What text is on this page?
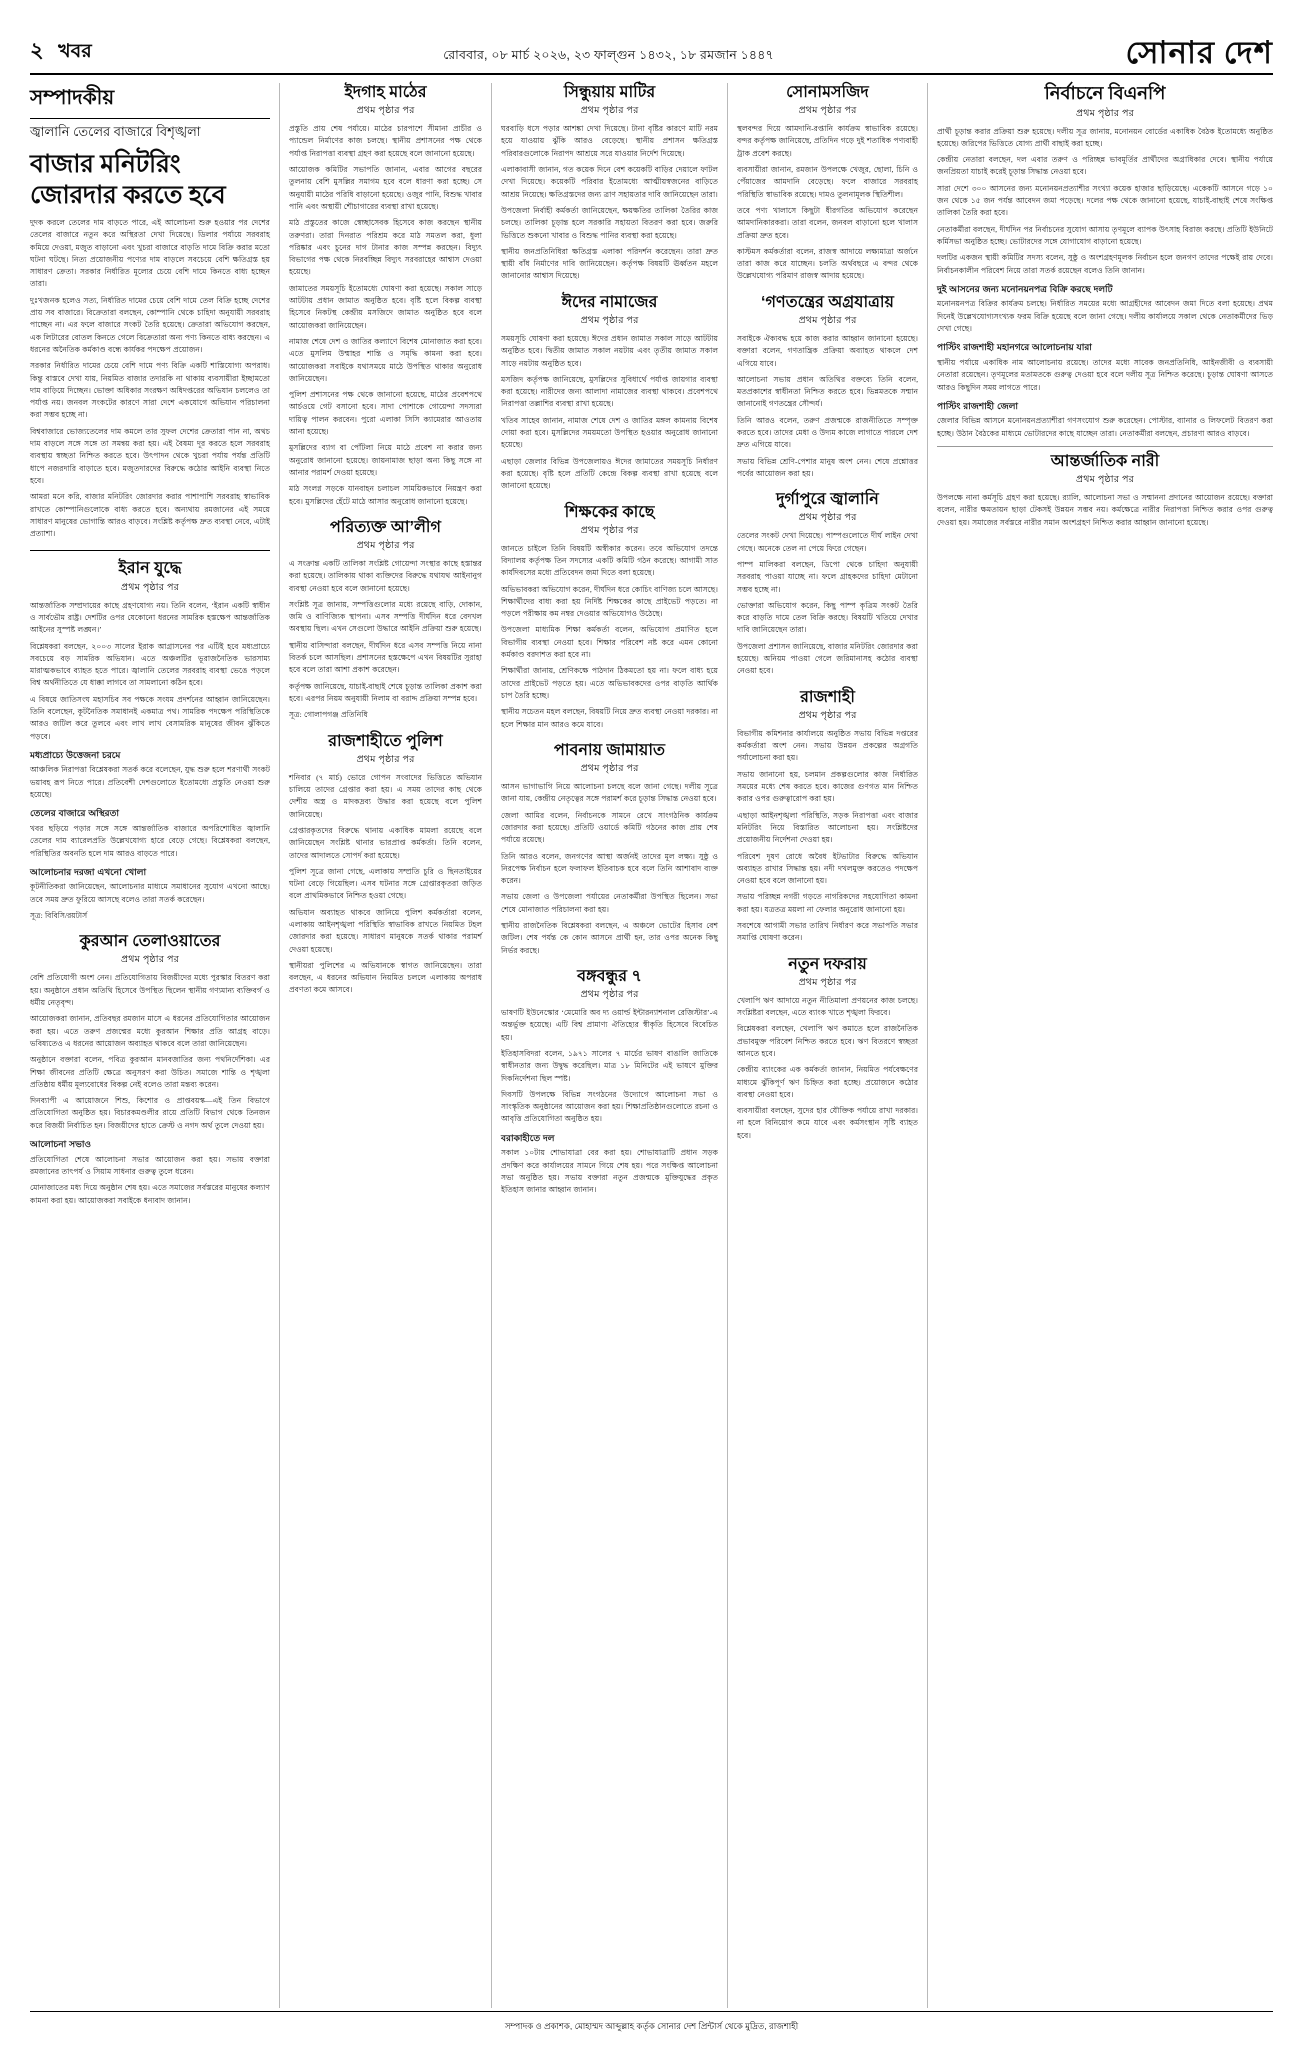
২ খবর	রোববার, ০৮ মার্চ ২০২৬, ২৩ ফাল্গুন ১৪৩২, ১৮ রমজান ১৪৪৭	সোনার দেশ
সম্পাদকীয়
জ্বালানি তেলের বাজারে বিশৃঙ্খলা
বাজার মনিটরিং জোরদার করতে হবে

দুদক করলে তেলের দাম বাড়তে পারে, এই আলোচনা শুরু হওয়ার পর দেশের তেলের বাজারে নতুন করে অস্থিরতা দেখা দিয়েছে। ডিলার পর্যায়ে সরবরাহ কমিয়ে দেওয়া, মজুত বাড়ানো এবং খুচরা বাজারে বাড়তি দামে বিক্রি করার মতো ঘটনা ঘটছে। নিত্য প্রয়োজনীয় পণ্যের দাম বাড়লে সবচেয়ে বেশি ক্ষতিগ্রস্ত হয় সাধারণ ক্রেতা। সরকার নির্ধারিত মূল্যের চেয়ে বেশি দামে কিনতে বাধ্য হচ্ছেন তারা।

দুঃখজনক হলেও সত্য, নির্ধারিত দামের চেয়ে বেশি দামে তেল বিক্রি হচ্ছে দেশের প্রায় সব বাজারে। বিক্রেতারা বলছেন, কোম্পানি থেকে চাহিদা অনুযায়ী সরবরাহ পাচ্ছেন না। এর ফলে বাজারে সংকট তৈরি হয়েছে। ক্রেতারা অভিযোগ করছেন, এক লিটারের বোতল কিনতে গেলে বিক্রেতারা অন্য পণ্য কিনতে বাধ্য করছেন। এ ধরনের অনৈতিক কর্মকাণ্ড বন্ধে কার্যকর পদক্ষেপ প্রয়োজন।

সরকার নির্ধারিত দামের চেয়ে বেশি দামে পণ্য বিক্রি একটি শাস্তিযোগ্য অপরাধ। কিন্তু বাস্তবে দেখা যায়, নিয়মিত বাজার তদারকি না থাকায় ব্যবসায়ীরা ইচ্ছামতো দাম বাড়িয়ে দিচ্ছেন। ভোক্তা অধিকার সংরক্ষণ অধিদপ্তরের অভিযান চললেও তা পর্যাপ্ত নয়। জনবল সংকটের কারণে সারা দেশে একযোগে অভিযান পরিচালনা করা সম্ভব হচ্ছে না।

বিশ্ববাজারে ভোজ্যতেলের দাম কমলে তার সুফল দেশের ক্রেতারা পান না, অথচ দাম বাড়লে সঙ্গে সঙ্গে তা সমন্বয় করা হয়। এই বৈষম্য দূর করতে হলে সরবরাহ ব্যবস্থায় স্বচ্ছতা নিশ্চিত করতে হবে। উৎপাদন থেকে খুচরা পর্যায় পর্যন্ত প্রতিটি ধাপে নজরদারি বাড়াতে হবে। মজুতদারদের বিরুদ্ধে কঠোর আইনি ব্যবস্থা নিতে হবে।

আমরা মনে করি, বাজার মনিটরিং জোরদার করার পাশাপাশি সরবরাহ স্বাভাবিক রাখতে কোম্পানিগুলোকে বাধ্য করতে হবে। অন্যথায় রমজানের এই সময়ে সাধারণ মানুষের ভোগান্তি আরও বাড়বে। সংশ্লিষ্ট কর্তৃপক্ষ দ্রুত ব্যবস্থা নেবে, এটাই প্রত্যাশা।

ইরান যুদ্ধে
প্রথম পৃষ্ঠার পর

আন্তর্জাতিক সম্প্রদায়ের কাছে গ্রহণযোগ্য নয়। তিনি বলেন, ‘ইরান একটি স্বাধীন ও সার্বভৌম রাষ্ট্র। দেশটির ওপর যেকোনো ধরনের সামরিক হস্তক্ষেপ আন্তর্জাতিক আইনের সুস্পষ্ট লঙ্ঘন।’

বিশ্লেষকরা বলছেন, ২০০৩ সালের ইরাক আগ্রাসনের পর এটিই হবে মধ্যপ্রাচ্যে সবচেয়ে বড় সামরিক অভিযান। এতে অঞ্চলটির ভূরাজনৈতিক ভারসাম্য মারাত্মকভাবে ব্যাহত হতে পারে। জ্বালানি তেলের সরবরাহ ব্যবস্থা ভেঙে পড়লে বিশ্ব অর্থনীতিতে যে ধাক্কা লাগবে তা সামলানো কঠিন হবে।

এ বিষয়ে জাতিসংঘ মহাসচিব সব পক্ষকে সংযম প্রদর্শনের আহ্বান জানিয়েছেন। তিনি বলেছেন, কূটনৈতিক সমাধানই একমাত্র পথ। সামরিক পদক্ষেপ পরিস্থিতিকে আরও জটিল করে তুলবে এবং লাখ লাখ বেসামরিক মানুষের জীবন ঝুঁকিতে পড়বে।

মধ্যপ্রাচ্যে উত্তেজনা চরমে

আঞ্চলিক নিরাপত্তা বিশ্লেষকরা সতর্ক করে বলেছেন, যুদ্ধ শুরু হলে শরণার্থী সংকট ভয়াবহ রূপ নিতে পারে। প্রতিবেশী দেশগুলোতে ইতোমধ্যে প্রস্তুতি নেওয়া শুরু হয়েছে।

তেলের বাজারে অস্থিরতা

খবর ছড়িয়ে পড়ার সঙ্গে সঙ্গে আন্তর্জাতিক বাজারে অপরিশোধিত জ্বালানি তেলের দাম ব্যারেলপ্রতি উল্লেখযোগ্য হারে বেড়ে গেছে। বিশ্লেষকরা বলছেন, পরিস্থিতির অবনতি হলে দাম আরও বাড়তে পারে।

আলোচনার দরজা এখনো খোলা

কূটনীতিকরা জানিয়েছেন, আলোচনার মাধ্যমে সমাধানের সুযোগ এখনো আছে। তবে সময় দ্রুত ফুরিয়ে আসছে বলেও তারা সতর্ক করেছেন।

সূত্র: বিবিসি/রয়টার্স

কুরআন তেলাওয়াতের
প্রথম পৃষ্ঠার পর

বেশি প্রতিযোগী অংশ নেন। প্রতিযোগিতায় বিজয়ীদের মধ্যে পুরস্কার বিতরণ করা হয়। অনুষ্ঠানে প্রধান অতিথি হিসেবে উপস্থিত ছিলেন স্থানীয় গণ্যমান্য ব্যক্তিবর্গ ও ধর্মীয় নেতৃবৃন্দ।

আয়োজকরা জানান, প্রতিবছর রমজান মাসে এ ধরনের প্রতিযোগিতার আয়োজন করা হয়। এতে তরুণ প্রজন্মের মধ্যে কুরআন শিক্ষার প্রতি আগ্রহ বাড়ে। ভবিষ্যতেও এ ধরনের আয়োজন অব্যাহত থাকবে বলে তারা জানিয়েছেন।

অনুষ্ঠানে বক্তারা বলেন, পবিত্র কুরআন মানবজাতির জন্য পথনির্দেশিকা। এর শিক্ষা জীবনের প্রতিটি ক্ষেত্রে অনুসরণ করা উচিত। সমাজে শান্তি ও শৃঙ্খলা প্রতিষ্ঠায় ধর্মীয় মূল্যবোধের বিকল্প নেই বলেও তারা মন্তব্য করেন।

দিনব্যাপী এ আয়োজনে শিশু, কিশোর ও প্রাপ্তবয়স্ক—এই তিন বিভাগে প্রতিযোগিতা অনুষ্ঠিত হয়। বিচারকমণ্ডলীর রায়ে প্রতিটি বিভাগ থেকে তিনজন করে বিজয়ী নির্বাচিত হন। বিজয়ীদের হাতে ক্রেস্ট ও নগদ অর্থ তুলে দেওয়া হয়।

আলোচনা সভাও

প্রতিযোগিতা শেষে আলোচনা সভার আয়োজন করা হয়। সভায় বক্তারা রমজানের তাৎপর্য ও সিয়াম সাধনার গুরুত্ব তুলে ধরেন।

মোনাজাতের মধ্য দিয়ে অনুষ্ঠান শেষ হয়। এতে সমাজের সর্বস্তরের মানুষের কল্যাণ কামনা করা হয়। আয়োজকরা সবাইকে ধন্যবাদ জানান।

ইদগাহ মাঠের
প্রথম পৃষ্ঠার পর

প্রস্তুতি প্রায় শেষ পর্যায়ে। মাঠের চারপাশে সীমানা প্রাচীর ও প্যান্ডেল নির্মাণের কাজ চলছে। স্থানীয় প্রশাসনের পক্ষ থেকে পর্যাপ্ত নিরাপত্তা ব্যবস্থা গ্রহণ করা হয়েছে বলে জানানো হয়েছে।

আয়োজক কমিটির সভাপতি জানান, এবার আগের বছরের তুলনায় বেশি মুসল্লির সমাগম হবে বলে ধারণা করা হচ্ছে। সে অনুযায়ী মাঠের পরিধি বাড়ানো হয়েছে। ওজুর পানি, বিশুদ্ধ খাবার পানি এবং অস্থায়ী শৌচাগারের ব্যবস্থা রাখা হয়েছে।

মাঠ প্রস্তুতের কাজে স্বেচ্ছাসেবক হিসেবে কাজ করছেন স্থানীয় তরুণরা। তারা দিনরাত পরিশ্রম করে মাঠ সমতল করা, ধুলা পরিষ্কার এবং চুনের দাগ টানার কাজ সম্পন্ন করছেন। বিদ্যুৎ বিভাগের পক্ষ থেকে নিরবচ্ছিন্ন বিদ্যুৎ সরবরাহের আশ্বাস দেওয়া হয়েছে।

জামাতের সময়সূচি ইতোমধ্যে ঘোষণা করা হয়েছে। সকাল সাড়ে আটটায় প্রধান জামাত অনুষ্ঠিত হবে। বৃষ্টি হলে বিকল্প ব্যবস্থা হিসেবে নিকটস্থ কেন্দ্রীয় মসজিদে জামাত অনুষ্ঠিত হবে বলে আয়োজকরা জানিয়েছেন।

নামাজ শেষে দেশ ও জাতির কল্যাণে বিশেষ মোনাজাত করা হবে। এতে মুসলিম উম্মাহর শান্তি ও সমৃদ্ধি কামনা করা হবে। আয়োজকরা সবাইকে যথাসময়ে মাঠে উপস্থিত থাকার অনুরোধ জানিয়েছেন।

পুলিশ প্রশাসনের পক্ষ থেকে জানানো হয়েছে, মাঠের প্রবেশপথে আর্চওয়ে গেট বসানো হবে। সাদা পোশাকে গোয়েন্দা সদস্যরা দায়িত্ব পালন করবেন। পুরো এলাকা সিসি ক্যামেরার আওতায় আনা হয়েছে।

মুসল্লিদের ব্যাগ বা পোঁটলা নিয়ে মাঠে প্রবেশ না করার জন্য অনুরোধ জানানো হয়েছে। জায়নামাজ ছাড়া অন্য কিছু সঙ্গে না আনার পরামর্শ দেওয়া হয়েছে।

মাঠ সংলগ্ন সড়কে যানবাহন চলাচল সাময়িকভাবে নিয়ন্ত্রণ করা হবে। মুসল্লিদের হেঁটে মাঠে আসার অনুরোধ জানানো হয়েছে।

পরিত্যক্ত আ’লীগ
প্রথম পৃষ্ঠার পর

এ সংক্রান্ত একটি তালিকা সংশ্লিষ্ট গোয়েন্দা সংস্থার কাছে হস্তান্তর করা হয়েছে। তালিকায় থাকা ব্যক্তিদের বিরুদ্ধে যথাযথ আইনানুগ ব্যবস্থা নেওয়া হবে বলে জানানো হয়েছে।

সংশ্লিষ্ট সূত্র জানায়, সম্পত্তিগুলোর মধ্যে রয়েছে বাড়ি, দোকান, জমি ও বাণিজ্যিক স্থাপনা। এসব সম্পত্তি দীর্ঘদিন ধরে বেদখল অবস্থায় ছিল। এখন সেগুলো উদ্ধারে আইনি প্রক্রিয়া শুরু হয়েছে।

স্থানীয় বাসিন্দারা বলছেন, দীর্ঘদিন ধরে এসব সম্পত্তি নিয়ে নানা বিতর্ক চলে আসছিল। প্রশাসনের হস্তক্ষেপে এখন বিষয়টির সুরাহা হবে বলে তারা আশা প্রকাশ করেছেন।

কর্তৃপক্ষ জানিয়েছে, যাচাই-বাছাই শেষে চূড়ান্ত তালিকা প্রকাশ করা হবে। এরপর নিয়ম অনুযায়ী নিলাম বা বরাদ্দ প্রক্রিয়া সম্পন্ন হবে।

সূত্র: গোলাপগঞ্জ প্রতিনিধি

রাজশাহীতে পুলিশ
প্রথম পৃষ্ঠার পর

শনিবার (৭ মার্চ) ভোরে গোপন সংবাদের ভিত্তিতে অভিযান চালিয়ে তাদের গ্রেপ্তার করা হয়। এ সময় তাদের কাছ থেকে দেশীয় অস্ত্র ও মাদকদ্রব্য উদ্ধার করা হয়েছে বলে পুলিশ জানিয়েছে।

গ্রেপ্তারকৃতদের বিরুদ্ধে থানায় একাধিক মামলা রয়েছে বলে জানিয়েছেন সংশ্লিষ্ট থানার ভারপ্রাপ্ত কর্মকর্তা। তিনি বলেন, তাদের আদালতে সোপর্দ করা হয়েছে।

পুলিশ সূত্রে জানা গেছে, এলাকায় সম্প্রতি চুরি ও ছিনতাইয়ের ঘটনা বেড়ে গিয়েছিল। এসব ঘটনার সঙ্গে গ্রেপ্তারকৃতরা জড়িত বলে প্রাথমিকভাবে নিশ্চিত হওয়া গেছে।

অভিযান অব্যাহত থাকবে জানিয়ে পুলিশ কর্মকর্তারা বলেন, এলাকায় আইনশৃঙ্খলা পরিস্থিতি স্বাভাবিক রাখতে নিয়মিত টহল জোরদার করা হয়েছে। সাধারণ মানুষকে সতর্ক থাকার পরামর্শ দেওয়া হয়েছে।

স্থানীয়রা পুলিশের এ অভিযানকে স্বাগত জানিয়েছেন। তারা বলছেন, এ ধরনের অভিযান নিয়মিত চললে এলাকায় অপরাধ প্রবণতা কমে আসবে।

সিন্ধুয়ায় মাটির
প্রথম পৃষ্ঠার পর

ঘরবাড়ি ধসে পড়ার আশঙ্কা দেখা দিয়েছে। টানা বৃষ্টির কারণে মাটি নরম হয়ে যাওয়ায় ঝুঁকি আরও বেড়েছে। স্থানীয় প্রশাসন ক্ষতিগ্রস্ত পরিবারগুলোকে নিরাপদ আশ্রয়ে সরে যাওয়ার নির্দেশ দিয়েছে।

এলাকাবাসী জানান, গত কয়েক দিনে বেশ কয়েকটি বাড়ির দেয়ালে ফাটল দেখা দিয়েছে। কয়েকটি পরিবার ইতোমধ্যে আত্মীয়স্বজনের বাড়িতে আশ্রয় নিয়েছে। ক্ষতিগ্রস্তদের জন্য ত্রাণ সহায়তার দাবি জানিয়েছেন তারা।

উপজেলা নির্বাহী কর্মকর্তা জানিয়েছেন, ক্ষয়ক্ষতির তালিকা তৈরির কাজ চলছে। তালিকা চূড়ান্ত হলে সরকারি সহায়তা বিতরণ করা হবে। জরুরি ভিত্তিতে শুকনো খাবার ও বিশুদ্ধ পানির ব্যবস্থা করা হয়েছে।

স্থানীয় জনপ্রতিনিধিরা ক্ষতিগ্রস্ত এলাকা পরিদর্শন করেছেন। তারা দ্রুত স্থায়ী বাঁধ নির্মাণের দাবি জানিয়েছেন। কর্তৃপক্ষ বিষয়টি ঊর্ধ্বতন মহলে জানানোর আশ্বাস দিয়েছে।

ঈদের নামাজের
প্রথম পৃষ্ঠার পর

সময়সূচি ঘোষণা করা হয়েছে। ঈদের প্রধান জামাত সকাল সাড়ে আটটায় অনুষ্ঠিত হবে। দ্বিতীয় জামাত সকাল নয়টায় এবং তৃতীয় জামাত সকাল সাড়ে নয়টায় অনুষ্ঠিত হবে।

মসজিদ কর্তৃপক্ষ জানিয়েছে, মুসল্লিদের সুবিধার্থে পর্যাপ্ত জায়গার ব্যবস্থা করা হয়েছে। নারীদের জন্য আলাদা নামাজের ব্যবস্থা থাকবে। প্রবেশপথে নিরাপত্তা তল্লাশির ব্যবস্থা রাখা হয়েছে।

খতিব সাহেব জানান, নামাজ শেষে দেশ ও জাতির মঙ্গল কামনায় বিশেষ দোয়া করা হবে। মুসল্লিদের সময়মতো উপস্থিত হওয়ার অনুরোধ জানানো হয়েছে।

এছাড়া জেলার বিভিন্ন উপজেলায়ও ঈদের জামাতের সময়সূচি নির্ধারণ করা হয়েছে। বৃষ্টি হলে প্রতিটি কেন্দ্রে বিকল্প ব্যবস্থা রাখা হয়েছে বলে জানানো হয়েছে।

শিক্ষকের কাছে
প্রথম পৃষ্ঠার পর

জানতে চাইলে তিনি বিষয়টি অস্বীকার করেন। তবে অভিযোগ তদন্তে বিদ্যালয় কর্তৃপক্ষ তিন সদস্যের একটি কমিটি গঠন করেছে। আগামী সাত কার্যদিবসের মধ্যে প্রতিবেদন জমা দিতে বলা হয়েছে।

অভিভাবকরা অভিযোগ করেন, দীর্ঘদিন ধরে কোচিং বাণিজ্য চলে আসছে। শিক্ষার্থীদের বাধ্য করা হয় নির্দিষ্ট শিক্ষকের কাছে প্রাইভেট পড়তে। না পড়লে পরীক্ষায় কম নম্বর দেওয়ার অভিযোগও উঠেছে।

উপজেলা মাধ্যমিক শিক্ষা কর্মকর্তা বলেন, অভিযোগ প্রমাণিত হলে বিভাগীয় ব্যবস্থা নেওয়া হবে। শিক্ষার পরিবেশ নষ্ট করে এমন কোনো কর্মকাণ্ড বরদাশত করা হবে না।

শিক্ষার্থীরা জানায়, শ্রেণিকক্ষে পাঠদান ঠিকমতো হয় না। ফলে বাধ্য হয়ে তাদের প্রাইভেট পড়তে হয়। এতে অভিভাবকদের ওপর বাড়তি আর্থিক চাপ তৈরি হচ্ছে।

স্থানীয় সচেতন মহল বলছেন, বিষয়টি নিয়ে দ্রুত ব্যবস্থা নেওয়া দরকার। না হলে শিক্ষার মান আরও কমে যাবে।

পাবনায় জামায়াত
প্রথম পৃষ্ঠার পর

আসন ভাগাভাগি নিয়ে আলোচনা চলছে বলে জানা গেছে। দলীয় সূত্রে জানা যায়, কেন্দ্রীয় নেতৃত্বের সঙ্গে পরামর্শ করে চূড়ান্ত সিদ্ধান্ত নেওয়া হবে।

জেলা আমির বলেন, নির্বাচনকে সামনে রেখে সাংগঠনিক কার্যক্রম জোরদার করা হয়েছে। প্রতিটি ওয়ার্ডে কমিটি গঠনের কাজ প্রায় শেষ পর্যায়ে রয়েছে।

তিনি আরও বলেন, জনগণের আস্থা অর্জনই তাদের মূল লক্ষ্য। সুষ্ঠু ও নিরপেক্ষ নির্বাচন হলে ফলাফল ইতিবাচক হবে বলে তিনি আশাবাদ ব্যক্ত করেন।

সভায় জেলা ও উপজেলা পর্যায়ের নেতাকর্মীরা উপস্থিত ছিলেন। সভা শেষে মোনাজাত পরিচালনা করা হয়।

স্থানীয় রাজনৈতিক বিশ্লেষকরা বলছেন, এ অঞ্চলে ভোটের হিসাব বেশ জটিল। শেষ পর্যন্ত কে কোন আসনে প্রার্থী হন, তার ওপর অনেক কিছু নির্ভর করছে।

বঙ্গবন্ধুর ৭
প্রথম পৃষ্ঠার পর

ভাষণটি ইউনেস্কোর ‘মেমোরি অব দ্য ওয়ার্ল্ড ইন্টারন্যাশনাল রেজিস্টার’-এ অন্তর্ভুক্ত হয়েছে। এটি বিশ্ব প্রামাণ্য ঐতিহ্যের স্বীকৃতি হিসেবে বিবেচিত হয়।

ইতিহাসবিদরা বলেন, ১৯৭১ সালের ৭ মার্চের ভাষণ বাঙালি জাতিকে স্বাধীনতার জন্য উদ্বুদ্ধ করেছিল। মাত্র ১৮ মিনিটের এই ভাষণে মুক্তির দিকনির্দেশনা ছিল স্পষ্ট।

দিবসটি উপলক্ষে বিভিন্ন সংগঠনের উদ্যোগে আলোচনা সভা ও সাংস্কৃতিক অনুষ্ঠানের আয়োজন করা হয়। শিক্ষাপ্রতিষ্ঠানগুলোতে রচনা ও আবৃত্তি প্রতিযোগিতা অনুষ্ঠিত হয়।

বরাকাহীতে দল

সকাল ১০টায় শোভাযাত্রা বের করা হয়। শোভাযাত্রাটি প্রধান সড়ক প্রদক্ষিণ করে কার্যালয়ের সামনে গিয়ে শেষ হয়। পরে সংক্ষিপ্ত আলোচনা সভা অনুষ্ঠিত হয়। সভায় বক্তারা নতুন প্রজন্মকে মুক্তিযুদ্ধের প্রকৃত ইতিহাস জানার আহ্বান জানান।

সোনামসজিদ
প্রথম পৃষ্ঠার পর

স্থলবন্দর দিয়ে আমদানি-রপ্তানি কার্যক্রম স্বাভাবিক রয়েছে। বন্দর কর্তৃপক্ষ জানিয়েছে, প্রতিদিন গড়ে দুই শতাধিক পণ্যবাহী ট্রাক প্রবেশ করছে।

ব্যবসায়ীরা জানান, রমজান উপলক্ষে খেজুর, ছোলা, চিনি ও পেঁয়াজের আমদানি বেড়েছে। ফলে বাজারে সরবরাহ পরিস্থিতি স্বাভাবিক রয়েছে। দামও তুলনামূলক স্থিতিশীল।

তবে পণ্য খালাসে কিছুটা ধীরগতির অভিযোগ করেছেন আমদানিকারকরা। তারা বলেন, জনবল বাড়ানো হলে খালাস প্রক্রিয়া দ্রুত হবে।

কাস্টমস কর্মকর্তারা বলেন, রাজস্ব আদায়ে লক্ষ্যমাত্রা অর্জনে তারা কাজ করে যাচ্ছেন। চলতি অর্থবছরে এ বন্দর থেকে উল্লেখযোগ্য পরিমাণ রাজস্ব আদায় হয়েছে।

‘গণতন্ত্রের অগ্রযাত্রায়
প্রথম পৃষ্ঠার পর

সবাইকে ঐক্যবদ্ধ হয়ে কাজ করার আহ্বান জানানো হয়েছে। বক্তারা বলেন, গণতান্ত্রিক প্রক্রিয়া অব্যাহত থাকলে দেশ এগিয়ে যাবে।

আলোচনা সভায় প্রধান অতিথির বক্তব্যে তিনি বলেন, মতপ্রকাশের স্বাধীনতা নিশ্চিত করতে হবে। ভিন্নমতকে সম্মান জানানোই গণতন্ত্রের সৌন্দর্য।

তিনি আরও বলেন, তরুণ প্রজন্মকে রাজনীতিতে সম্পৃক্ত করতে হবে। তাদের মেধা ও উদ্যম কাজে লাগাতে পারলে দেশ দ্রুত এগিয়ে যাবে।

সভায় বিভিন্ন শ্রেণি-পেশার মানুষ অংশ নেন। শেষে প্রশ্নোত্তর পর্বের আয়োজন করা হয়।

দুর্গাপুরে জ্বালানি
প্রথম পৃষ্ঠার পর

তেলের সংকট দেখা দিয়েছে। পাম্পগুলোতে দীর্ঘ লাইন দেখা গেছে। অনেকে তেল না পেয়ে ফিরে গেছেন।

পাম্প মালিকরা বলছেন, ডিপো থেকে চাহিদা অনুযায়ী সরবরাহ পাওয়া যাচ্ছে না। ফলে গ্রাহকদের চাহিদা মেটানো সম্ভব হচ্ছে না।

ভোক্তারা অভিযোগ করেন, কিছু পাম্প কৃত্রিম সংকট তৈরি করে বাড়তি দামে তেল বিক্রি করছে। বিষয়টি খতিয়ে দেখার দাবি জানিয়েছেন তারা।

উপজেলা প্রশাসন জানিয়েছে, বাজার মনিটরিং জোরদার করা হয়েছে। অনিয়ম পাওয়া গেলে জরিমানাসহ কঠোর ব্যবস্থা নেওয়া হবে।

রাজশাহী
প্রথম পৃষ্ঠার পর

বিভাগীয় কমিশনার কার্যালয়ে অনুষ্ঠিত সভায় বিভিন্ন দপ্তরের কর্মকর্তারা অংশ নেন। সভায় উন্নয়ন প্রকল্পের অগ্রগতি পর্যালোচনা করা হয়।

সভায় জানানো হয়, চলমান প্রকল্পগুলোর কাজ নির্ধারিত সময়ের মধ্যে শেষ করতে হবে। কাজের গুণগত মান নিশ্চিত করার ওপর গুরুত্বারোপ করা হয়।

এছাড়া আইনশৃঙ্খলা পরিস্থিতি, সড়ক নিরাপত্তা এবং বাজার মনিটরিং নিয়ে বিস্তারিত আলোচনা হয়। সংশ্লিষ্টদের প্রয়োজনীয় নির্দেশনা দেওয়া হয়।

পরিবেশ দূষণ রোধে অবৈধ ইটভাটার বিরুদ্ধে অভিযান অব্যাহত রাখার সিদ্ধান্ত হয়। নদী দখলমুক্ত করতেও পদক্ষেপ নেওয়া হবে বলে জানানো হয়।

সভায় পরিচ্ছন্ন নগরী গড়তে নাগরিকদের সহযোগিতা কামনা করা হয়। যত্রতত্র ময়লা না ফেলার অনুরোধ জানানো হয়।

সবশেষে আগামী সভার তারিখ নির্ধারণ করে সভাপতি সভার সমাপ্তি ঘোষণা করেন।

নতুন দফরায়
প্রথম পৃষ্ঠার পর

খেলাপি ঋণ আদায়ে নতুন নীতিমালা প্রণয়নের কাজ চলছে। সংশ্লিষ্টরা বলছেন, এতে ব্যাংক খাতে শৃঙ্খলা ফিরবে।

বিশ্লেষকরা বলছেন, খেলাপি ঋণ কমাতে হলে রাজনৈতিক প্রভাবমুক্ত পরিবেশ নিশ্চিত করতে হবে। ঋণ বিতরণে স্বচ্ছতা আনতে হবে।

কেন্দ্রীয় ব্যাংকের এক কর্মকর্তা জানান, নিয়মিত পর্যবেক্ষণের মাধ্যমে ঝুঁকিপূর্ণ ঋণ চিহ্নিত করা হচ্ছে। প্রয়োজনে কঠোর ব্যবস্থা নেওয়া হবে।

ব্যবসায়ীরা বলছেন, সুদের হার যৌক্তিক পর্যায়ে রাখা দরকার। না হলে বিনিয়োগ কমে যাবে এবং কর্মসংস্থান সৃষ্টি ব্যাহত হবে।

নির্বাচনে বিএনপি
প্রথম পৃষ্ঠার পর

প্রার্থী চূড়ান্ত করার প্রক্রিয়া শুরু হয়েছে। দলীয় সূত্র জানায়, মনোনয়ন বোর্ডের একাধিক বৈঠক ইতোমধ্যে অনুষ্ঠিত হয়েছে। জরিপের ভিত্তিতে যোগ্য প্রার্থী বাছাই করা হচ্ছে।

কেন্দ্রীয় নেতারা বলছেন, দল এবার তরুণ ও পরিচ্ছন্ন ভাবমূর্তির প্রার্থীদের অগ্রাধিকার দেবে। স্থানীয় পর্যায়ে জনপ্রিয়তা যাচাই করেই চূড়ান্ত সিদ্ধান্ত নেওয়া হবে।

সারা দেশে ৩০০ আসনের জন্য মনোনয়নপ্রত্যাশীর সংখ্যা কয়েক হাজার ছাড়িয়েছে। একেকটি আসনে গড়ে ১০ জন থেকে ১৫ জন পর্যন্ত আবেদন জমা পড়েছে। দলের পক্ষ থেকে জানানো হয়েছে, যাচাই-বাছাই শেষে সংক্ষিপ্ত তালিকা তৈরি করা হবে।

নেতাকর্মীরা বলছেন, দীর্ঘদিন পর নির্বাচনের সুযোগ আসায় তৃণমূলে ব্যাপক উৎসাহ বিরাজ করছে। প্রতিটি ইউনিটে কর্মিসভা অনুষ্ঠিত হচ্ছে। ভোটারদের সঙ্গে যোগাযোগ বাড়ানো হয়েছে।

দলটির একজন স্থায়ী কমিটির সদস্য বলেন, সুষ্ঠু ও অংশগ্রহণমূলক নির্বাচন হলে জনগণ তাদের পক্ষেই রায় দেবে। নির্বাচনকালীন পরিবেশ নিয়ে তারা সতর্ক রয়েছেন বলেও তিনি জানান।

দুই আসনের জন্য মনোনয়নপত্র বিক্রি করছে দলটি

মনোনয়নপত্র বিক্রির কার্যক্রম চলছে। নির্ধারিত সময়ের মধ্যে আগ্রহীদের আবেদন জমা দিতে বলা হয়েছে। প্রথম দিনেই উল্লেখযোগ্যসংখ্যক ফরম বিক্রি হয়েছে বলে জানা গেছে। দলীয় কার্যালয়ে সকাল থেকে নেতাকর্মীদের ভিড় দেখা গেছে।

পাস্টিং রাজশাহী মহানগরে আলোচনায় যারা

স্থানীয় পর্যায়ে একাধিক নাম আলোচনায় রয়েছে। তাদের মধ্যে সাবেক জনপ্রতিনিধি, আইনজীবী ও ব্যবসায়ী নেতারা রয়েছেন। তৃণমূলের মতামতকে গুরুত্ব দেওয়া হবে বলে দলীয় সূত্র নিশ্চিত করেছে। চূড়ান্ত ঘোষণা আসতে আরও কিছুদিন সময় লাগতে পারে।

পাস্টিং রাজশাহী জেলা

জেলার বিভিন্ন আসনে মনোনয়নপ্রত্যাশীরা গণসংযোগ শুরু করেছেন। পোস্টার, ব্যানার ও লিফলেট বিতরণ করা হচ্ছে। উঠান বৈঠকের মাধ্যমে ভোটারদের কাছে যাচ্ছেন তারা। নেতাকর্মীরা বলছেন, প্রচারণা আরও বাড়বে।

আন্তর্জাতিক নারী
প্রথম পৃষ্ঠার পর

উপলক্ষে নানা কর্মসূচি গ্রহণ করা হয়েছে। র‍্যালি, আলোচনা সভা ও সম্মাননা প্রদানের আয়োজন রয়েছে। বক্তারা বলেন, নারীর ক্ষমতায়ন ছাড়া টেকসই উন্নয়ন সম্ভব নয়। কর্মক্ষেত্রে নারীর নিরাপত্তা নিশ্চিত করার ওপর গুরুত্ব দেওয়া হয়। সমাজের সর্বস্তরে নারীর সমান অংশগ্রহণ নিশ্চিত করার আহ্বান জানানো হয়েছে।

সম্পাদক ও প্রকাশক, মোহাম্মদ আব্দুল্লাহ কর্তৃক সোনার দেশ প্রিন্টার্স থেকে মুদ্রিত, রাজশাহী
